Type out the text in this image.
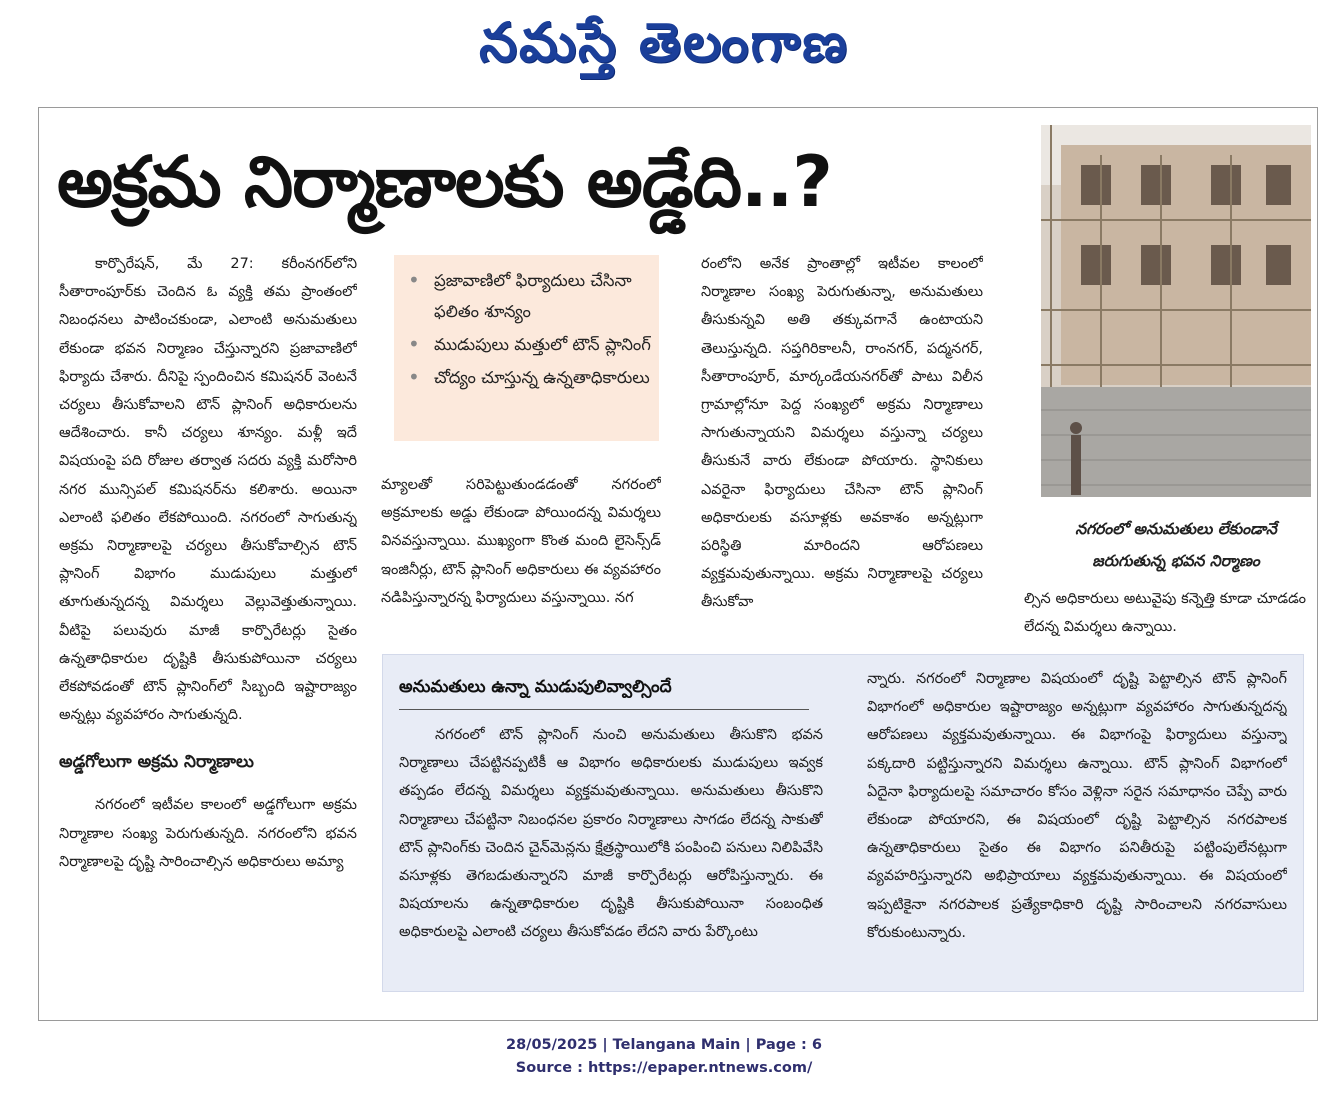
నమస్తే తెలంగాణ
అక్రమ నిర్మాణాలకు అడ్డేది..?

కార్పొరేషన్, మే 27: కరీంనగర్‌లోని సీతారాంపూర్‌కు చెందిన ఓ వ్యక్తి తమ ప్రాంతంలో నిబంధనలు పాటించకుండా, ఎలాంటి అనుమతులు లేకుండా భవన నిర్మాణం చేస్తున్నారని ప్రజావాణిలో ఫిర్యాదు చేశారు. దీనిపై స్పందించిన కమిషనర్ వెంటనే చర్యలు తీసుకోవాలని టౌన్ ప్లానింగ్ అధికారులను ఆదేశించారు. కానీ చర్యలు శూన్యం. మళ్లీ ఇదే విషయంపై పది రోజుల తర్వాత సదరు వ్యక్తి మరోసారి నగర మున్సిపల్ కమిషనర్‌ను కలిశారు. అయినా ఎలాంటి ఫలితం లేకపోయింది. నగరంలో సాగుతున్న అక్రమ నిర్మాణాలపై చర్యలు తీసుకోవాల్సిన టౌన్ ప్లానింగ్ విభాగం ముడుపులు మత్తులో తూగుతున్నదన్న విమర్శలు వెల్లువెత్తుతున్నాయి. వీటిపై పలువురు మాజీ కార్పొరేటర్లు సైతం ఉన్నతాధికారుల దృష్టికి తీసుకుపోయినా చర్యలు లేకపోవడంతో టౌన్ ప్లానింగ్‌లో సిబ్బంది ఇష్టారాజ్యం అన్నట్లు వ్యవహారం సాగుతున్నది.

అడ్డగోలుగా అక్రమ నిర్మాణాలు

నగరంలో ఇటీవల కాలంలో అడ్డగోలుగా అక్రమ నిర్మాణాల సంఖ్య పెరుగుతున్నది. నగరంలోని భవన నిర్మాణాలపై దృష్టి సారించాల్సిన అధికారులు అమ్యా

• ప్రజావాణిలో ఫిర్యాదులు చేసినా ఫలితం శూన్యం
• ముడుపులు మత్తులో టౌన్ ప్లానింగ్
• చోద్యం చూస్తున్న ఉన్నతాధికారులు

మ్యాలతో సరిపెట్టుతుండడంతో నగరంలో అక్రమాలకు అడ్డు లేకుండా పోయిందన్న విమర్శలు వినవస్తున్నాయి. ముఖ్యంగా కొంత మంది లైసెన్స్‌డ్ ఇంజినీర్లు, టౌన్ ప్లానింగ్ అధికారులు ఈ వ్యవహారం నడిపిస్తున్నారన్న ఫిర్యాదులు వస్తున్నాయి. నగ

రంలోని అనేక ప్రాంతాల్లో ఇటీవల కాలంలో నిర్మాణాల సంఖ్య పెరుగుతున్నా, అనుమతులు తీసుకున్నవి అతి తక్కువగానే ఉంటాయని తెలుస్తున్నది. సప్తగిరికాలనీ, రాంనగర్, పద్మనగర్, సీతారాంపూర్, మార్కండేయనగర్‌తో పాటు విలీన గ్రామాల్లోనూ పెద్ద సంఖ్యలో అక్రమ నిర్మాణాలు సాగుతున్నాయని విమర్శలు వస్తున్నా చర్యలు తీసుకునే వారు లేకుండా పోయారు. స్థానికులు ఎవరైనా ఫిర్యాదులు చేసినా టౌన్ ప్లానింగ్ అధికారులకు వసూళ్లకు అవకాశం అన్నట్లుగా పరిస్థితి మారిందని ఆరోపణలు వ్యక్తమవుతున్నాయి. అక్రమ నిర్మాణాలపై చర్యలు తీసుకోవా

నగరంలో అనుమతులు లేకుండానే జరుగుతున్న భవన నిర్మాణం

ల్సిన అధికారులు అటువైపు కన్నెత్తి కూడా చూడడం లేదన్న విమర్శలు ఉన్నాయి.

అనుమతులు ఉన్నా ముడుపులివ్వాల్సిందే

నగరంలో టౌన్ ప్లానింగ్ నుంచి అనుమతులు తీసుకొని భవన నిర్మాణాలు చేపట్టినప్పటికీ ఆ విభాగం అధికారులకు ముడుపులు ఇవ్వక తప్పడం లేదన్న విమర్శలు వ్యక్తమవుతున్నాయి. అనుమతులు తీసుకొని నిర్మాణాలు చేపట్టినా నిబంధనల ప్రకారం నిర్మాణాలు సాగడం లేదన్న సాకుతో టౌన్ ప్లానింగ్‌కు చెందిన చైన్‌మెన్లను క్షేత్రస్థాయిలోకి పంపించి పనులు నిలిపివేసి వసూళ్లకు తెగబడుతున్నారని మాజీ కార్పొరేటర్లు ఆరోపిస్తున్నారు. ఈ విషయాలను ఉన్నతాధికారుల దృష్టికి తీసుకుపోయినా సంబంధిత అధికారులపై ఎలాంటి చర్యలు తీసుకోవడం లేదని వారు పేర్కొంటు

న్నారు. నగరంలో నిర్మాణాల విషయంలో దృష్టి పెట్టాల్సిన టౌన్ ప్లానింగ్ విభాగంలో అధికారుల ఇష్టారాజ్యం అన్నట్లుగా వ్యవహారం సాగుతున్నదన్న ఆరోపణలు వ్యక్తమవుతున్నాయి. ఈ విభాగంపై ఫిర్యాదులు వస్తున్నా పక్కదారి పట్టిస్తున్నారని విమర్శలు ఉన్నాయి. టౌన్ ప్లానింగ్ విభాగంలో ఏదైనా ఫిర్యాదులపై సమాచారం కోసం వెళ్లినా సరైన సమాధానం చెప్పే వారు లేకుండా పోయారని, ఈ విషయంలో దృష్టి పెట్టాల్సిన నగరపాలక ఉన్నతాధికారులు సైతం ఈ విభాగం పనితీరుపై పట్టింపులేనట్లుగా వ్యవహరిస్తున్నారని అభిప్రాయాలు వ్యక్తమవుతున్నాయి. ఈ విషయంలో ఇప్పటికైనా నగరపాలక ప్రత్యేకాధికారి దృష్టి సారించాలని నగరవాసులు కోరుకుంటున్నారు.

28/05/2025 | Telangana Main | Page : 6
Source : https://epaper.ntnews.com/
